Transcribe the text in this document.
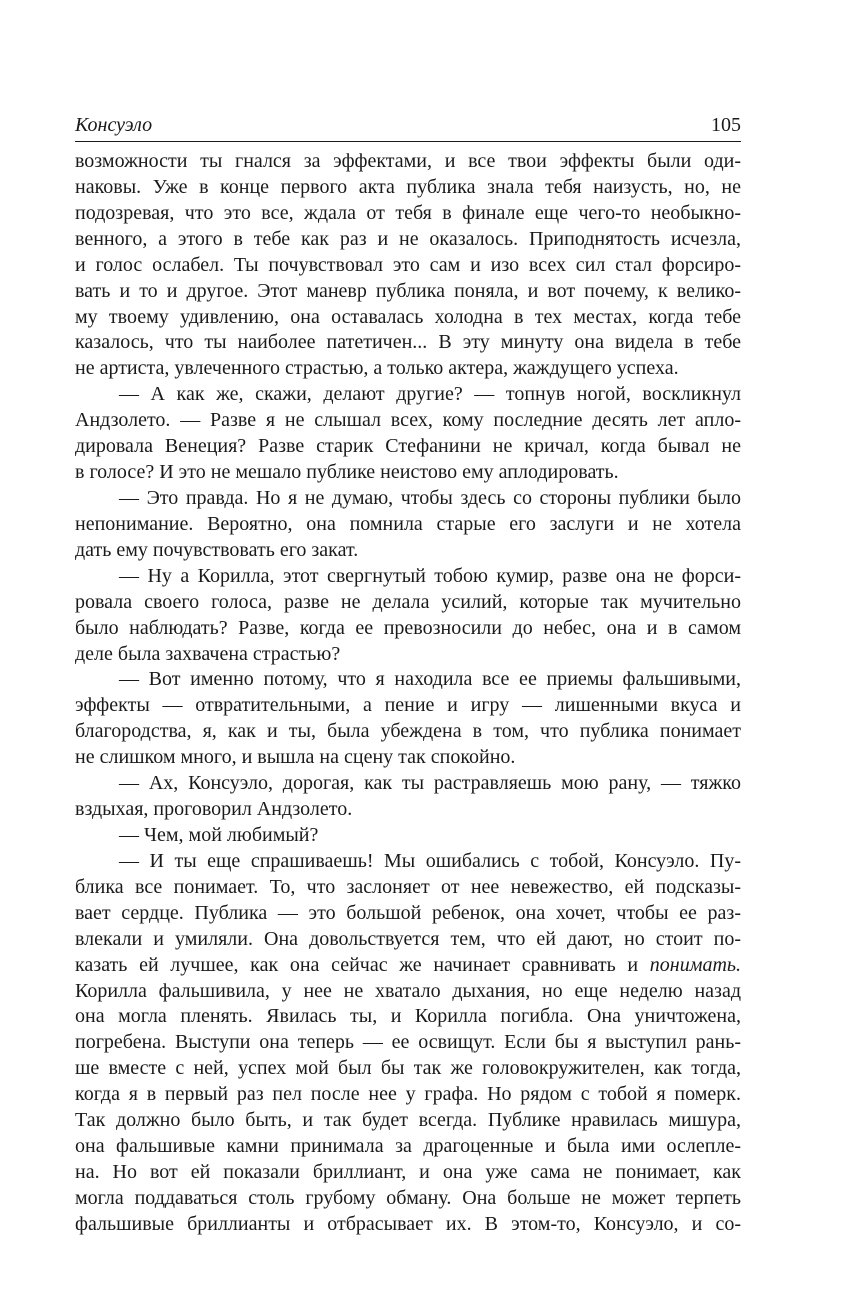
Консуэло	105
возможности ты гнался за эффектами, и все твои эффекты были оди-
наковы. Уже в конце первого акта публика знала тебя наизусть, но, не
подозревая, что это все, ждала от тебя в финале еще чего-то необыкно-
венного, а этого в тебе как раз и не оказалось. Приподнятость исчезла,
и голос ослабел. Ты почувствовал это сам и изо всех сил стал форсиро-
вать и то и другое. Этот маневр публика поняла, и вот почему, к велико-
му твоему удивлению, она оставалась холодна в тех местах, когда тебе
казалось, что ты наиболее патетичен... В эту минуту она видела в тебе
не артиста, увлеченного страстью, а только актера, жаждущего успеха.
— А как же, скажи, делают другие? — топнув ногой, воскликнул
Андзолето. — Разве я не слышал всех, кому последние десять лет апло-
дировала Венеция? Разве старик Стефанини не кричал, когда бывал не
в голосе? И это не мешало публике неистово ему аплодировать.
— Это правда. Но я не думаю, чтобы здесь со стороны публики было
непонимание. Вероятно, она помнила старые его заслуги и не хотела
дать ему почувствовать его закат.
— Ну а Корилла, этот свергнутый тобою кумир, разве она не форси-
ровала своего голоса, разве не делала усилий, которые так мучительно
было наблюдать? Разве, когда ее превозносили до небес, она и в самом
деле была захвачена страстью?
— Вот именно потому, что я находила все ее приемы фальшивыми,
эффекты — отвратительными, а пение и игру — лишенными вкуса и
благородства, я, как и ты, была убеждена в том, что публика понимает
не слишком много, и вышла на сцену так спокойно.
— Ах, Консуэло, дорогая, как ты растравляешь мою рану, — тяжко
вздыхая, проговорил Андзолето.
— Чем, мой любимый?
— И ты еще спрашиваешь! Мы ошибались с тобой, Консуэло. Пу-
блика все понимает. То, что заслоняет от нее невежество, ей подсказы-
вает сердце. Публика — это большой ребенок, она хочет, чтобы ее раз-
влекали и умиляли. Она довольствуется тем, что ей дают, но стоит по-
казать ей лучшее, как она сейчас же начинает сравнивать и понимать.
Корилла фальшивила, у нее не хватало дыхания, но еще неделю назад
она могла пленять. Явилась ты, и Корилла погибла. Она уничтожена,
погребена. Выступи она теперь — ее освищут. Если бы я выступил рань-
ше вместе с ней, успех мой был бы так же головокружителен, как тогда,
когда я в первый раз пел после нее у графа. Но рядом с тобой я померк.
Так должно было быть, и так будет всегда. Публике нравилась мишура,
она фальшивые камни принимала за драгоценные и была ими ослепле-
на. Но вот ей показали бриллиант, и она уже сама не понимает, как
могла поддаваться столь грубому обману. Она больше не может терпеть
фальшивые бриллианты и отбрасывает их. В этом-то, Консуэло, и со-
